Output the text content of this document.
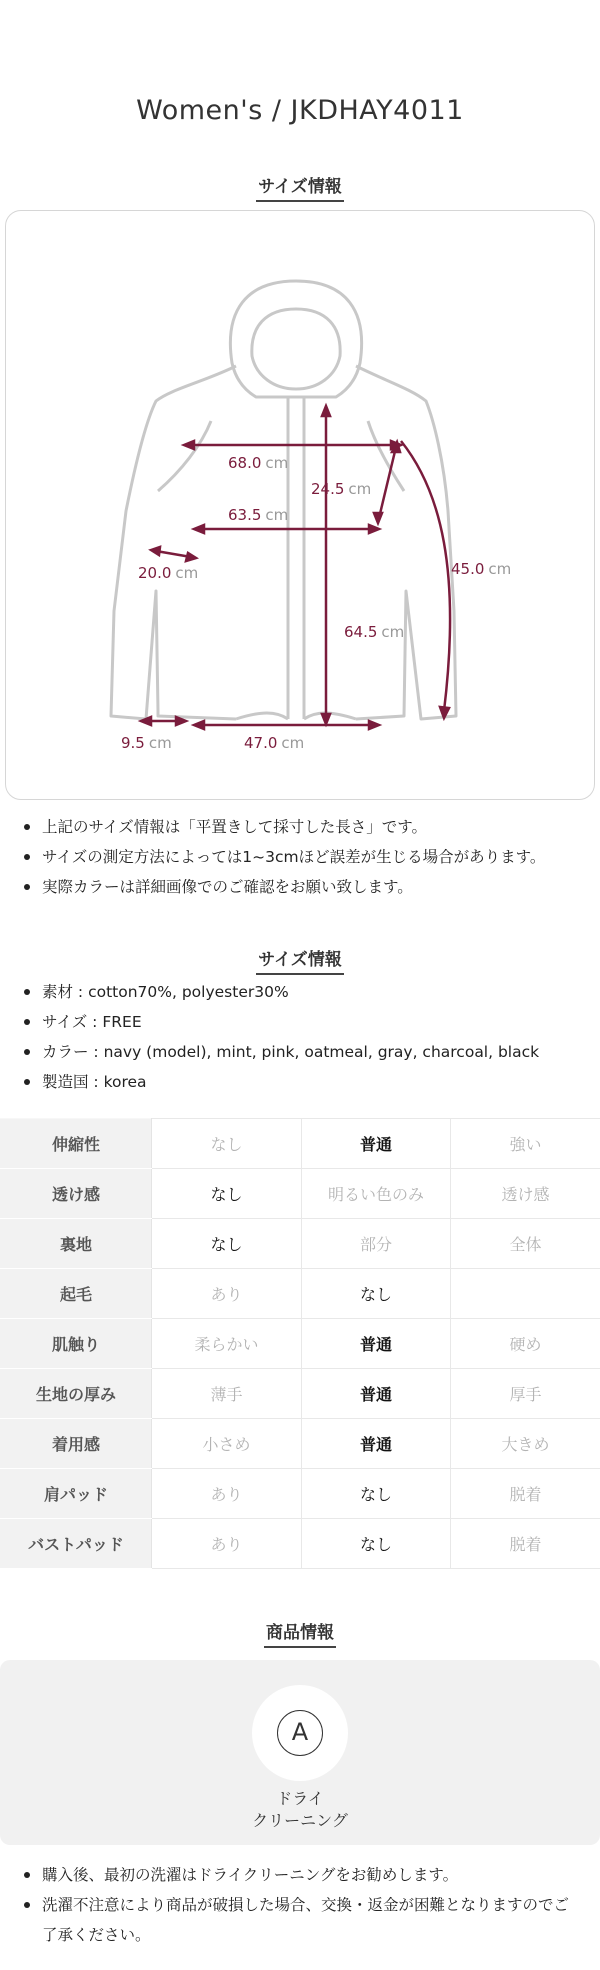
Women's / JKDHAY4011
サイズ情報
68.0 cm
24.5 cm
63.5 cm
45.0 cm
20.0 cm
64.5 cm
9.5 cm	47.0 cm
上記のサイズ情報は「平置きして採寸した長さ」です。
サイズの測定方法によっては1~3cmほど誤差が生じる場合があります。
実際カラーは詳細画像でのご確認をお願い致します。
サイズ情報
素材 : cotton70%, polyester30%
サイズ : FREE
カラー : navy (model), mint, pink, oatmeal, gray, charcoal, black
製造国 : korea
伸縮性	なし	普通	強い
透け感	なし	明るい色のみ	透け感
裏地	なし	部分	全体
起毛	あり	なし	
肌触り	柔らかい	普通	硬め
生地の厚み	薄手	普通	厚手
着用感	小さめ	普通	大きめ
肩パッド	あり	なし	脱着
バストパッド	あり	なし	脱着
商品情報
A
ドライ
クリーニング
購入後、最初の洗濯はドライクリーニングをお勧めします。
洗濯不注意により商品が破損した場合、交換・返金が困難となりますのでご了承ください。
